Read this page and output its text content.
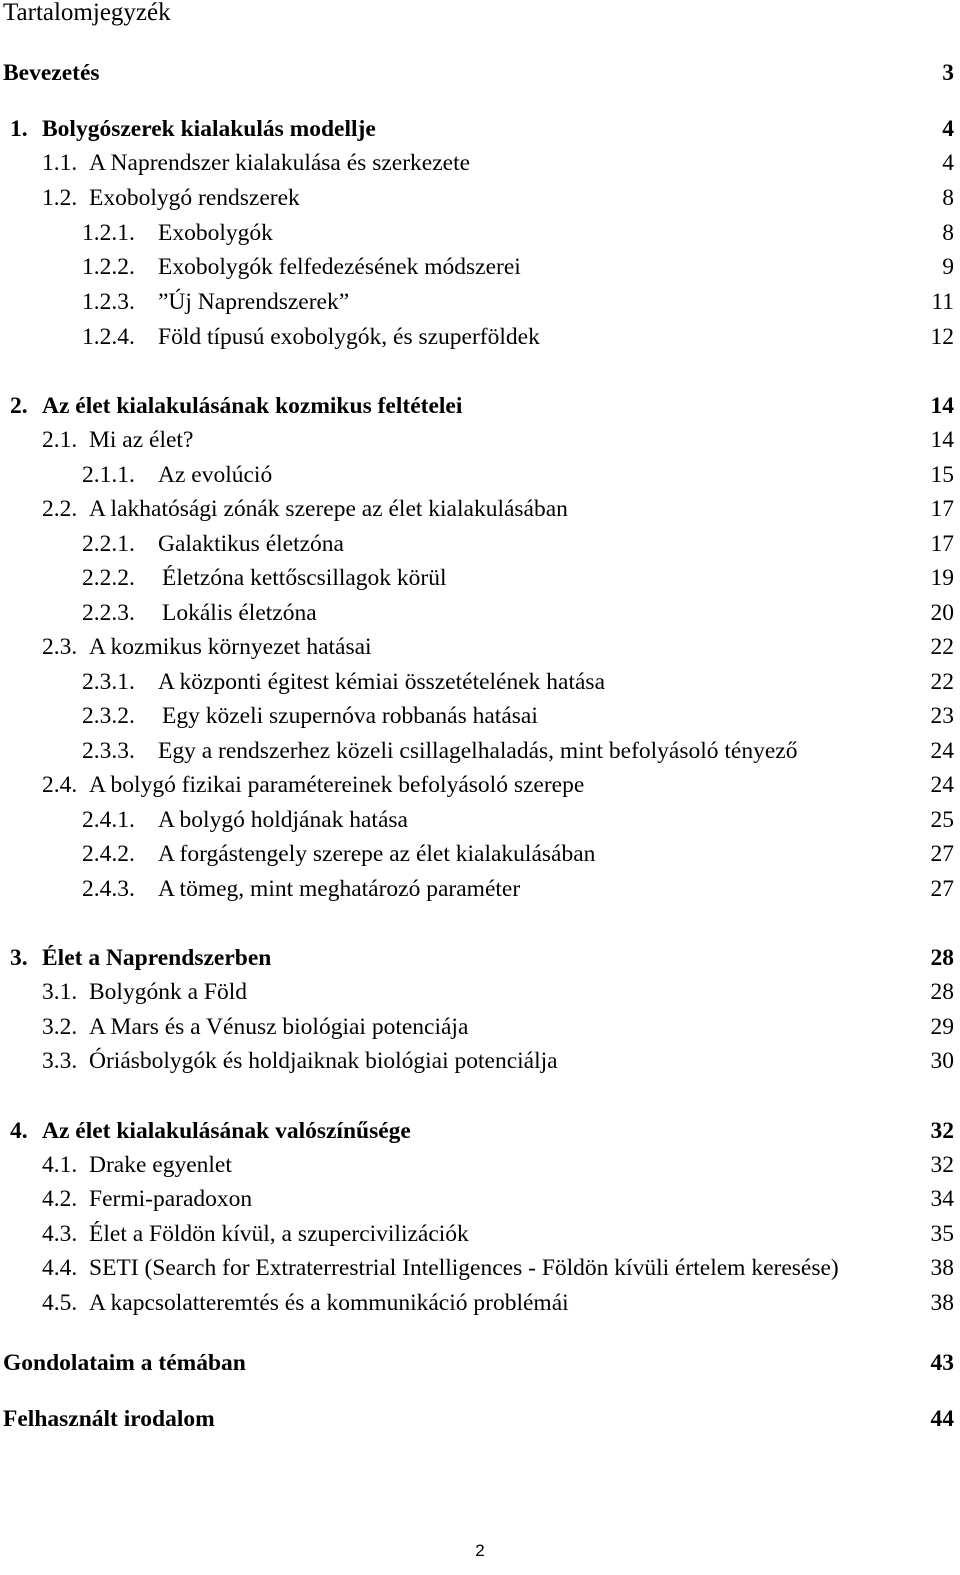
Tartalomjegyzék
Bevezetés	3
1. Bolygószerek kialakulás modellje	4
1.1. A Naprendszer kialakulása és szerkezete	4
1.2. Exobolygó rendszerek	8
1.2.1. Exobolygók	8
1.2.2. Exobolygók felfedezésének módszerei	9
1.2.3. ”Új Naprendszerek”	11
1.2.4. Föld típusú exobolygók, és szuperföldek	12
2. Az élet kialakulásának kozmikus feltételei	14
2.1. Mi az élet?	14
2.1.1. Az evolúció	15
2.2. A lakhatósági zónák szerepe az élet kialakulásában	17
2.2.1. Galaktikus életzóna	17
2.2.2. Életzóna kettőscsillagok körül	19
2.2.3. Lokális életzóna	20
2.3. A kozmikus környezet hatásai	22
2.3.1. A központi égitest kémiai összetételének hatása	22
2.3.2. Egy közeli szupernóva robbanás hatásai	23
2.3.3. Egy a rendszerhez közeli csillagelhaladás, mint befolyásoló tényező	24
2.4. A bolygó fizikai paramétereinek befolyásoló szerepe	24
2.4.1. A bolygó holdjának hatása	25
2.4.2. A forgástengely szerepe az élet kialakulásában	27
2.4.3. A tömeg, mint meghatározó paraméter	27
3. Élet a Naprendszerben	28
3.1. Bolygónk a Föld	28
3.2. A Mars és a Vénusz biológiai potenciája	29
3.3. Óriásbolygók és holdjaiknak biológiai potenciálja	30
4. Az élet kialakulásának valószínűsége	32
4.1. Drake egyenlet	32
4.2. Fermi-paradoxon	34
4.3. Élet a Földön kívül, a szupercivilizációk	35
4.4. SETI (Search for Extraterrestrial Intelligences - Földön kívüli értelem keresése)	38
4.5. A kapcsolatteremtés és a kommunikáció problémái	38
Gondolataim a témában	43
Felhasznált irodalom	44
2
